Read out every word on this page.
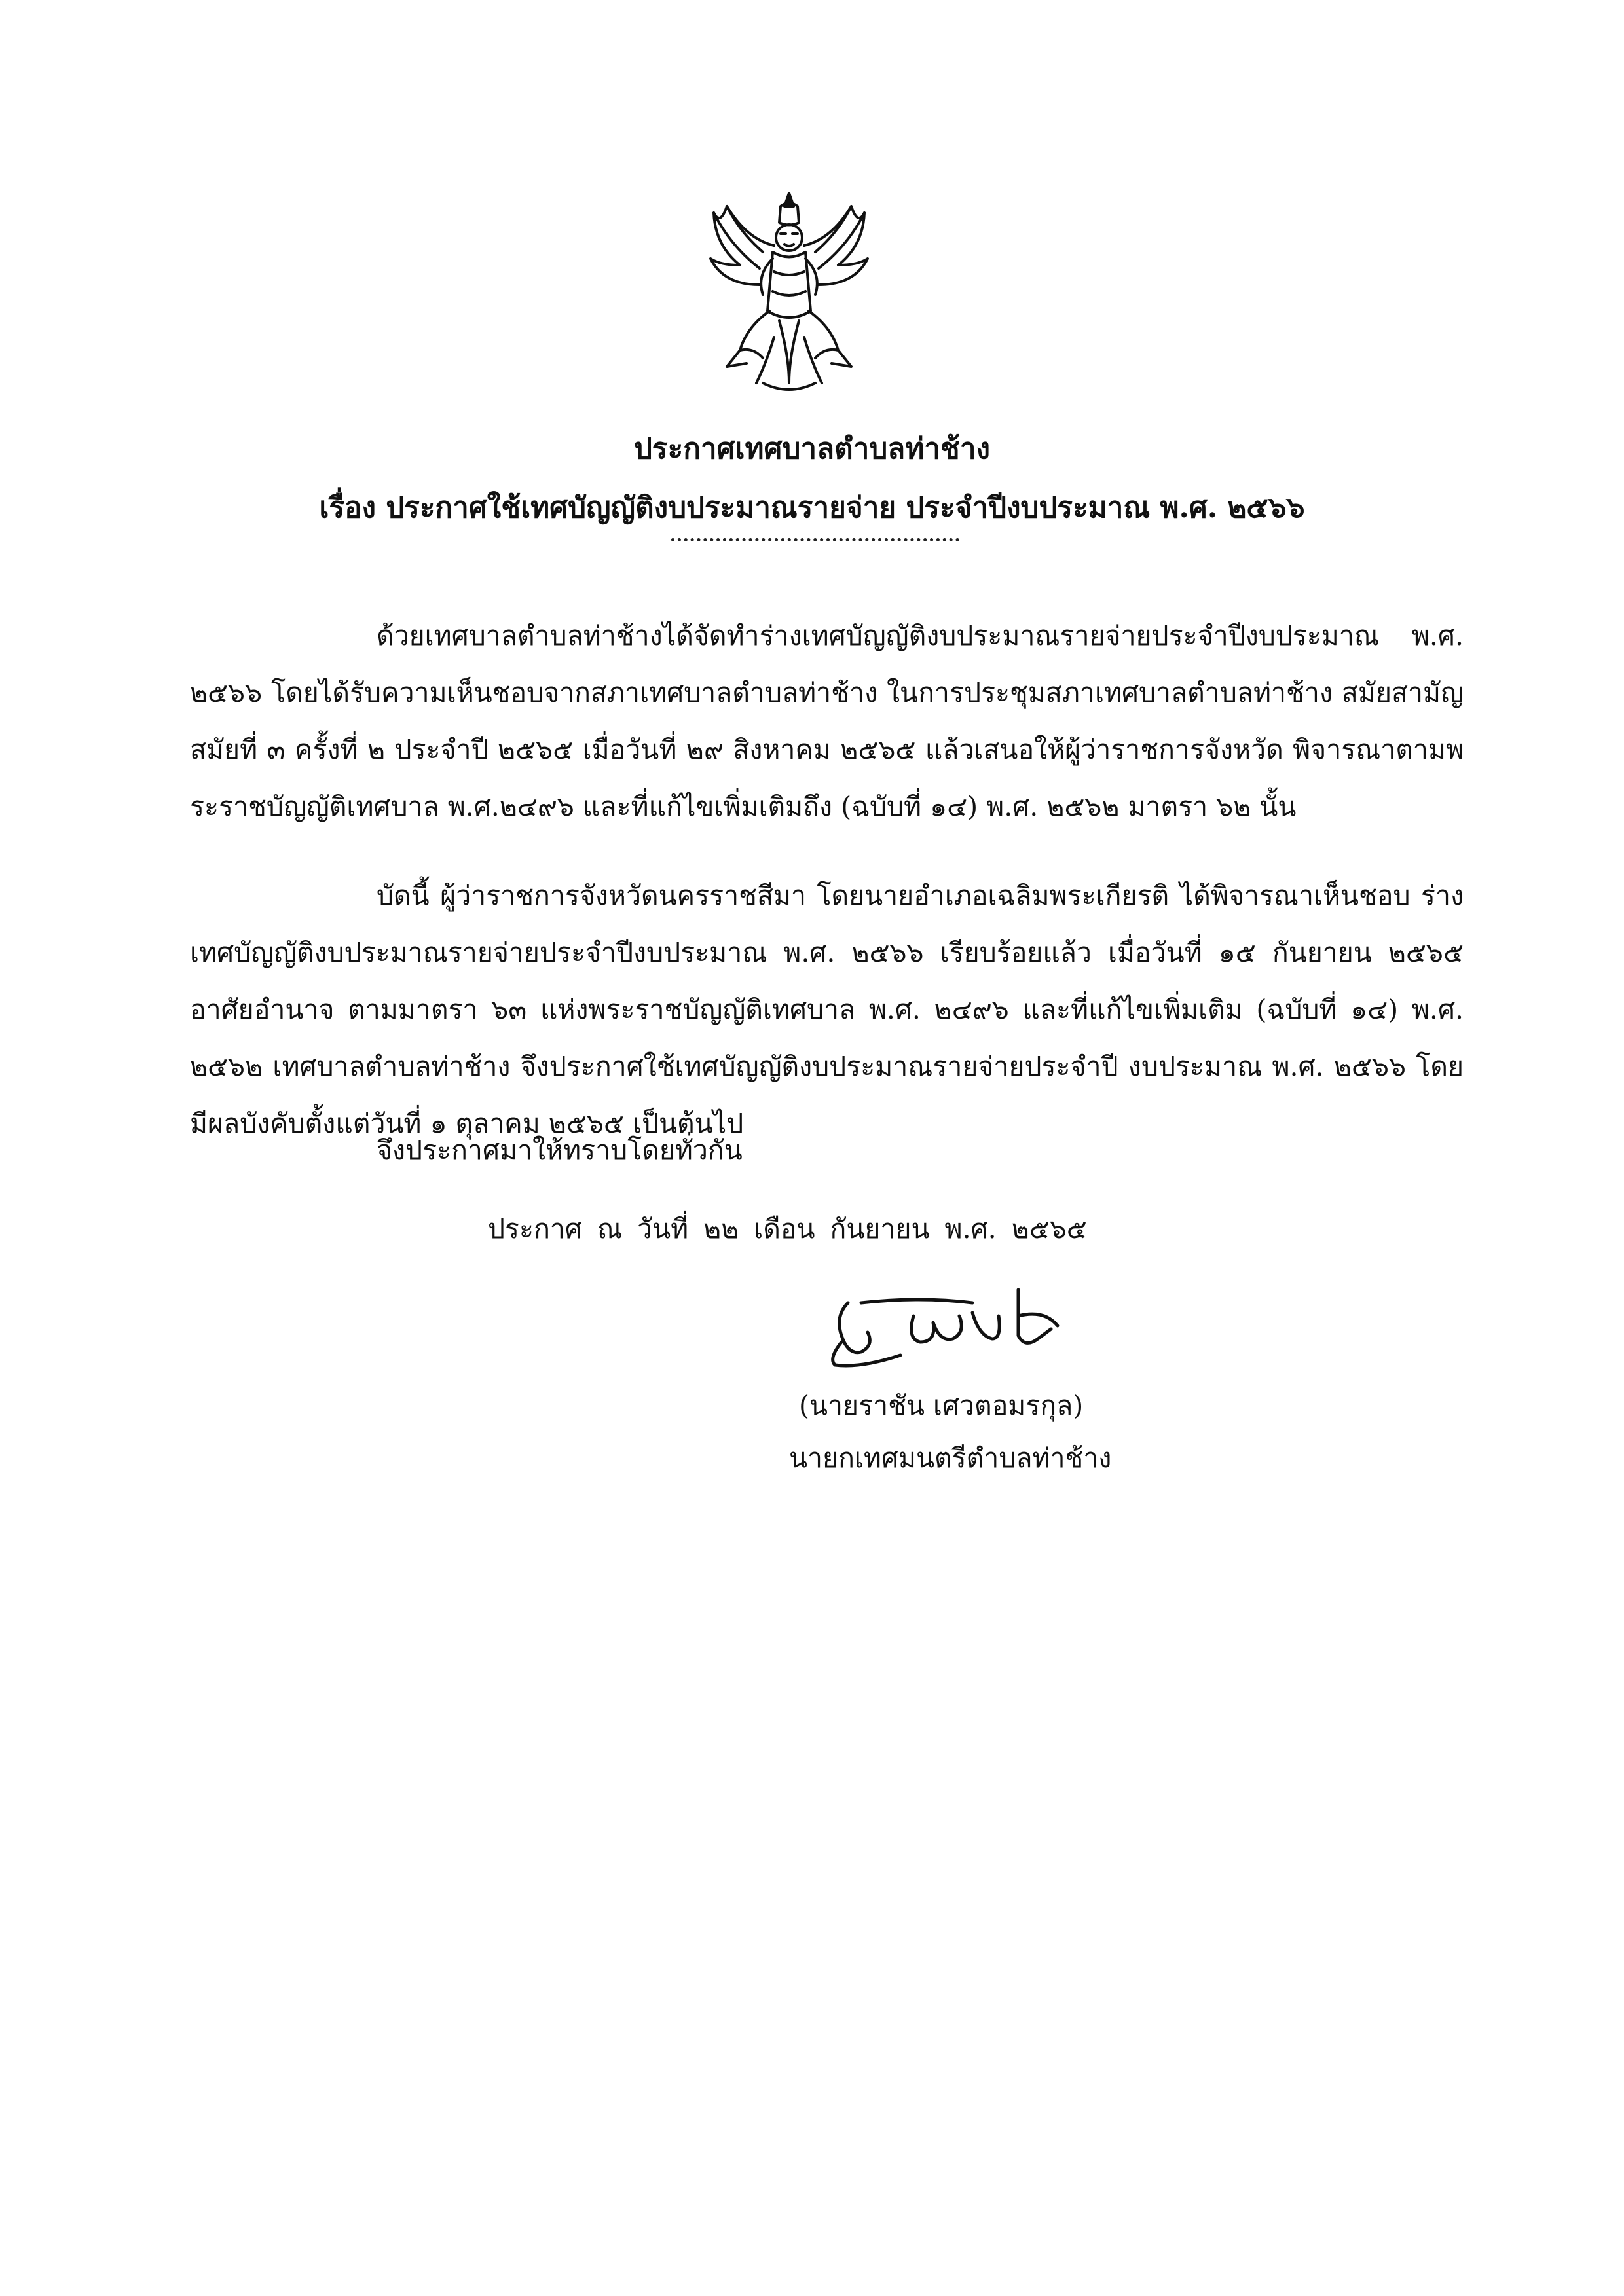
ประกาศเทศบาลตำบลท่าช้าง
เรื่อง ประกาศใช้เทศบัญญัติงบประมาณรายจ่าย ประจำปีงบประมาณ พ.ศ. ๒๕๖๖
ด้วยเทศบาลตำบลท่าช้างได้จัดทำร่างเทศบัญญัติงบประมาณรายจ่ายประจำปีงบประมาณ พ.ศ. ๒๕๖๖ โดยได้รับความเห็นชอบจากสภาเทศบาลตำบลท่าช้าง ในการประชุมสภาเทศบาลตำบลท่าช้าง สมัยสามัญ สมัยที่ ๓ ครั้งที่ ๒ ประจำปี ๒๕๖๕ เมื่อวันที่ ๒๙ สิงหาคม ๒๕๖๕ แล้วเสนอให้ผู้ว่าราชการจังหวัด พิจารณาตามพระราชบัญญัติเทศบาล พ.ศ.๒๔๙๖ และที่แก้ไขเพิ่มเติมถึง (ฉบับที่ ๑๔) พ.ศ. ๒๕๖๒ มาตรา ๖๒ นั้น
บัดนี้ ผู้ว่าราชการจังหวัดนครราชสีมา โดยนายอำเภอเฉลิมพระเกียรติ ได้พิจารณาเห็นชอบ ร่างเทศบัญญัติงบประมาณรายจ่ายประจำปีงบประมาณ พ.ศ. ๒๕๖๖ เรียบร้อยแล้ว เมื่อวันที่ ๑๕ กันยายน ๒๕๖๕ อาศัยอำนาจ ตามมาตรา ๖๓ แห่งพระราชบัญญัติเทศบาล พ.ศ. ๒๔๙๖ และที่แก้ไขเพิ่มเติม (ฉบับที่ ๑๔) พ.ศ. ๒๕๖๒ เทศบาลตำบลท่าช้าง จึงประกาศใช้เทศบัญญัติงบประมาณรายจ่ายประจำปี งบประมาณ พ.ศ. ๒๕๖๖ โดยมีผลบังคับตั้งแต่วันที่ ๑ ตุลาคม ๒๕๖๕ เป็นต้นไป
จึงประกาศมาให้ทราบโดยทั่วกัน
ประกาศ ณ วันที่ ๒๒ เดือน กันยายน พ.ศ. ๒๕๖๕
(นายราชัน เศวตอมรกุล)
นายกเทศมนตรีตำบลท่าช้าง
